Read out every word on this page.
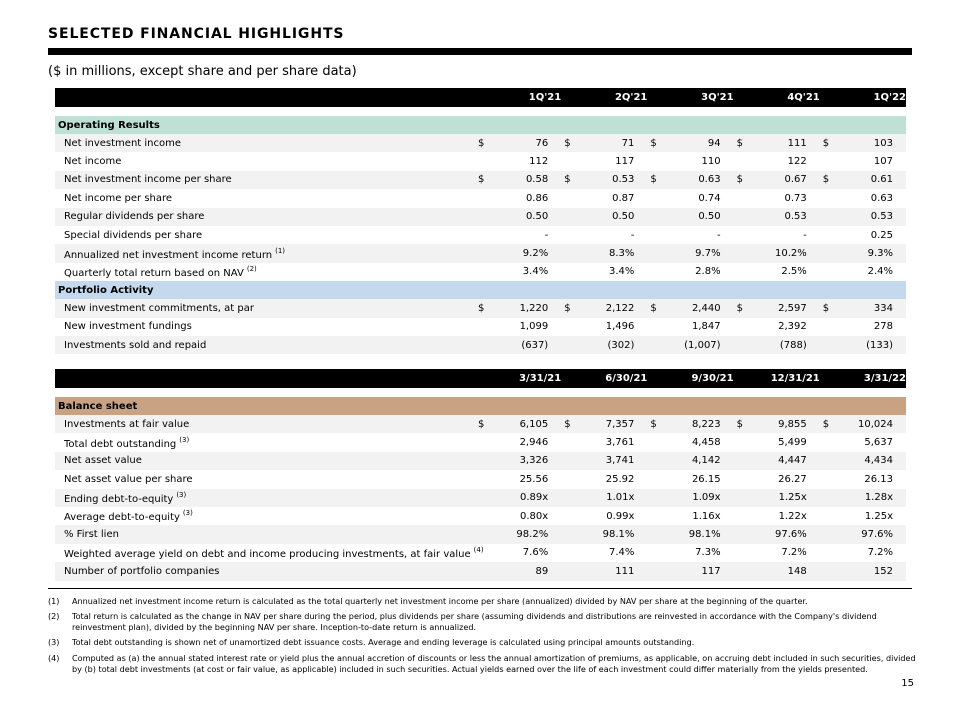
SELECTED FINANCIAL HIGHLIGHTS
($ in millions, except share and per share data)
		1Q'21		2Q'21		3Q'21		4Q'21		1Q'22

Operating Results										
Net investment income	$	76	$	71	$	94	$	111	$	103
Net income		112		117		110		122		107
Net investment income per share	$	0.58	$	0.53	$	0.63	$	0.67	$	0.61
Net income per share		0.86		0.87		0.74		0.73		0.63
Regular dividends per share		0.50		0.50		0.50		0.53		0.53
Special dividends per share		-		-		-		-		0.25
Annualized net investment income return $^{(1)}$		9.2%		8.3%		9.7%		10.2%		9.3%
Quarterly total return based on NAV $^{(2)}$		3.4%		3.4%		2.8%		2.5%		2.4%
Portfolio Activity										
New investment commitments, at par	$	1,220	$	2,122	$	2,440	$	2,597	$	334
New investment fundings		1,099		1,496		1,847		2,392		278
Investments sold and repaid		(637)		(302)		(1,007)		(788)		(133)
		3/31/21		6/30/21		9/30/21		12/31/21		3/31/22

Balance sheet										
Investments at fair value	$	6,105	$	7,357	$	8,223	$	9,855	$	10,024
Total debt outstanding $^{(3)}$		2,946		3,761		4,458		5,499		5,637
Net asset value		3,326		3,741		4,142		4,447		4,434
Net asset value per share		25.56		25.92		26.15		26.27		26.13
Ending debt-to-equity $^{(3)}$		0.89x		1.01x		1.09x		1.25x		1.28x
Average debt-to-equity $^{(3)}$		0.80x		0.99x		1.16x		1.22x		1.25x
% First lien		98.2%		98.1%		98.1%		97.6%		97.6%
Weighted average yield on debt and income producing investments, at fair value $^{(4)}$		7.6%		7.4%		7.3%		7.2%		7.2%
Number of portfolio companies		89		111		117		148		152
(1) Annualized net investment income return is calculated as the total quarterly net investment income per share (annualized) divided by NAV per share at the beginning of the quarter.
(2) Total return is calculated as the change in NAV per share during the period, plus dividends per share (assuming dividends and distributions are reinvested in accordance with the Company's dividend reinvestment plan), divided by the beginning NAV per share. Inception-to-date return is annualized.
(3) Total debt outstanding is shown net of unamortized debt issuance costs. Average and ending leverage is calculated using principal amounts outstanding.
(4) Computed as (a) the annual stated interest rate or yield plus the annual accretion of discounts or less the annual amortization of premiums, as applicable, on accruing debt included in such securities, divided by (b) total debt investments (at cost or fair value, as applicable) included in such securities. Actual yields earned over the life of each investment could differ materially from the yields presented.
15
